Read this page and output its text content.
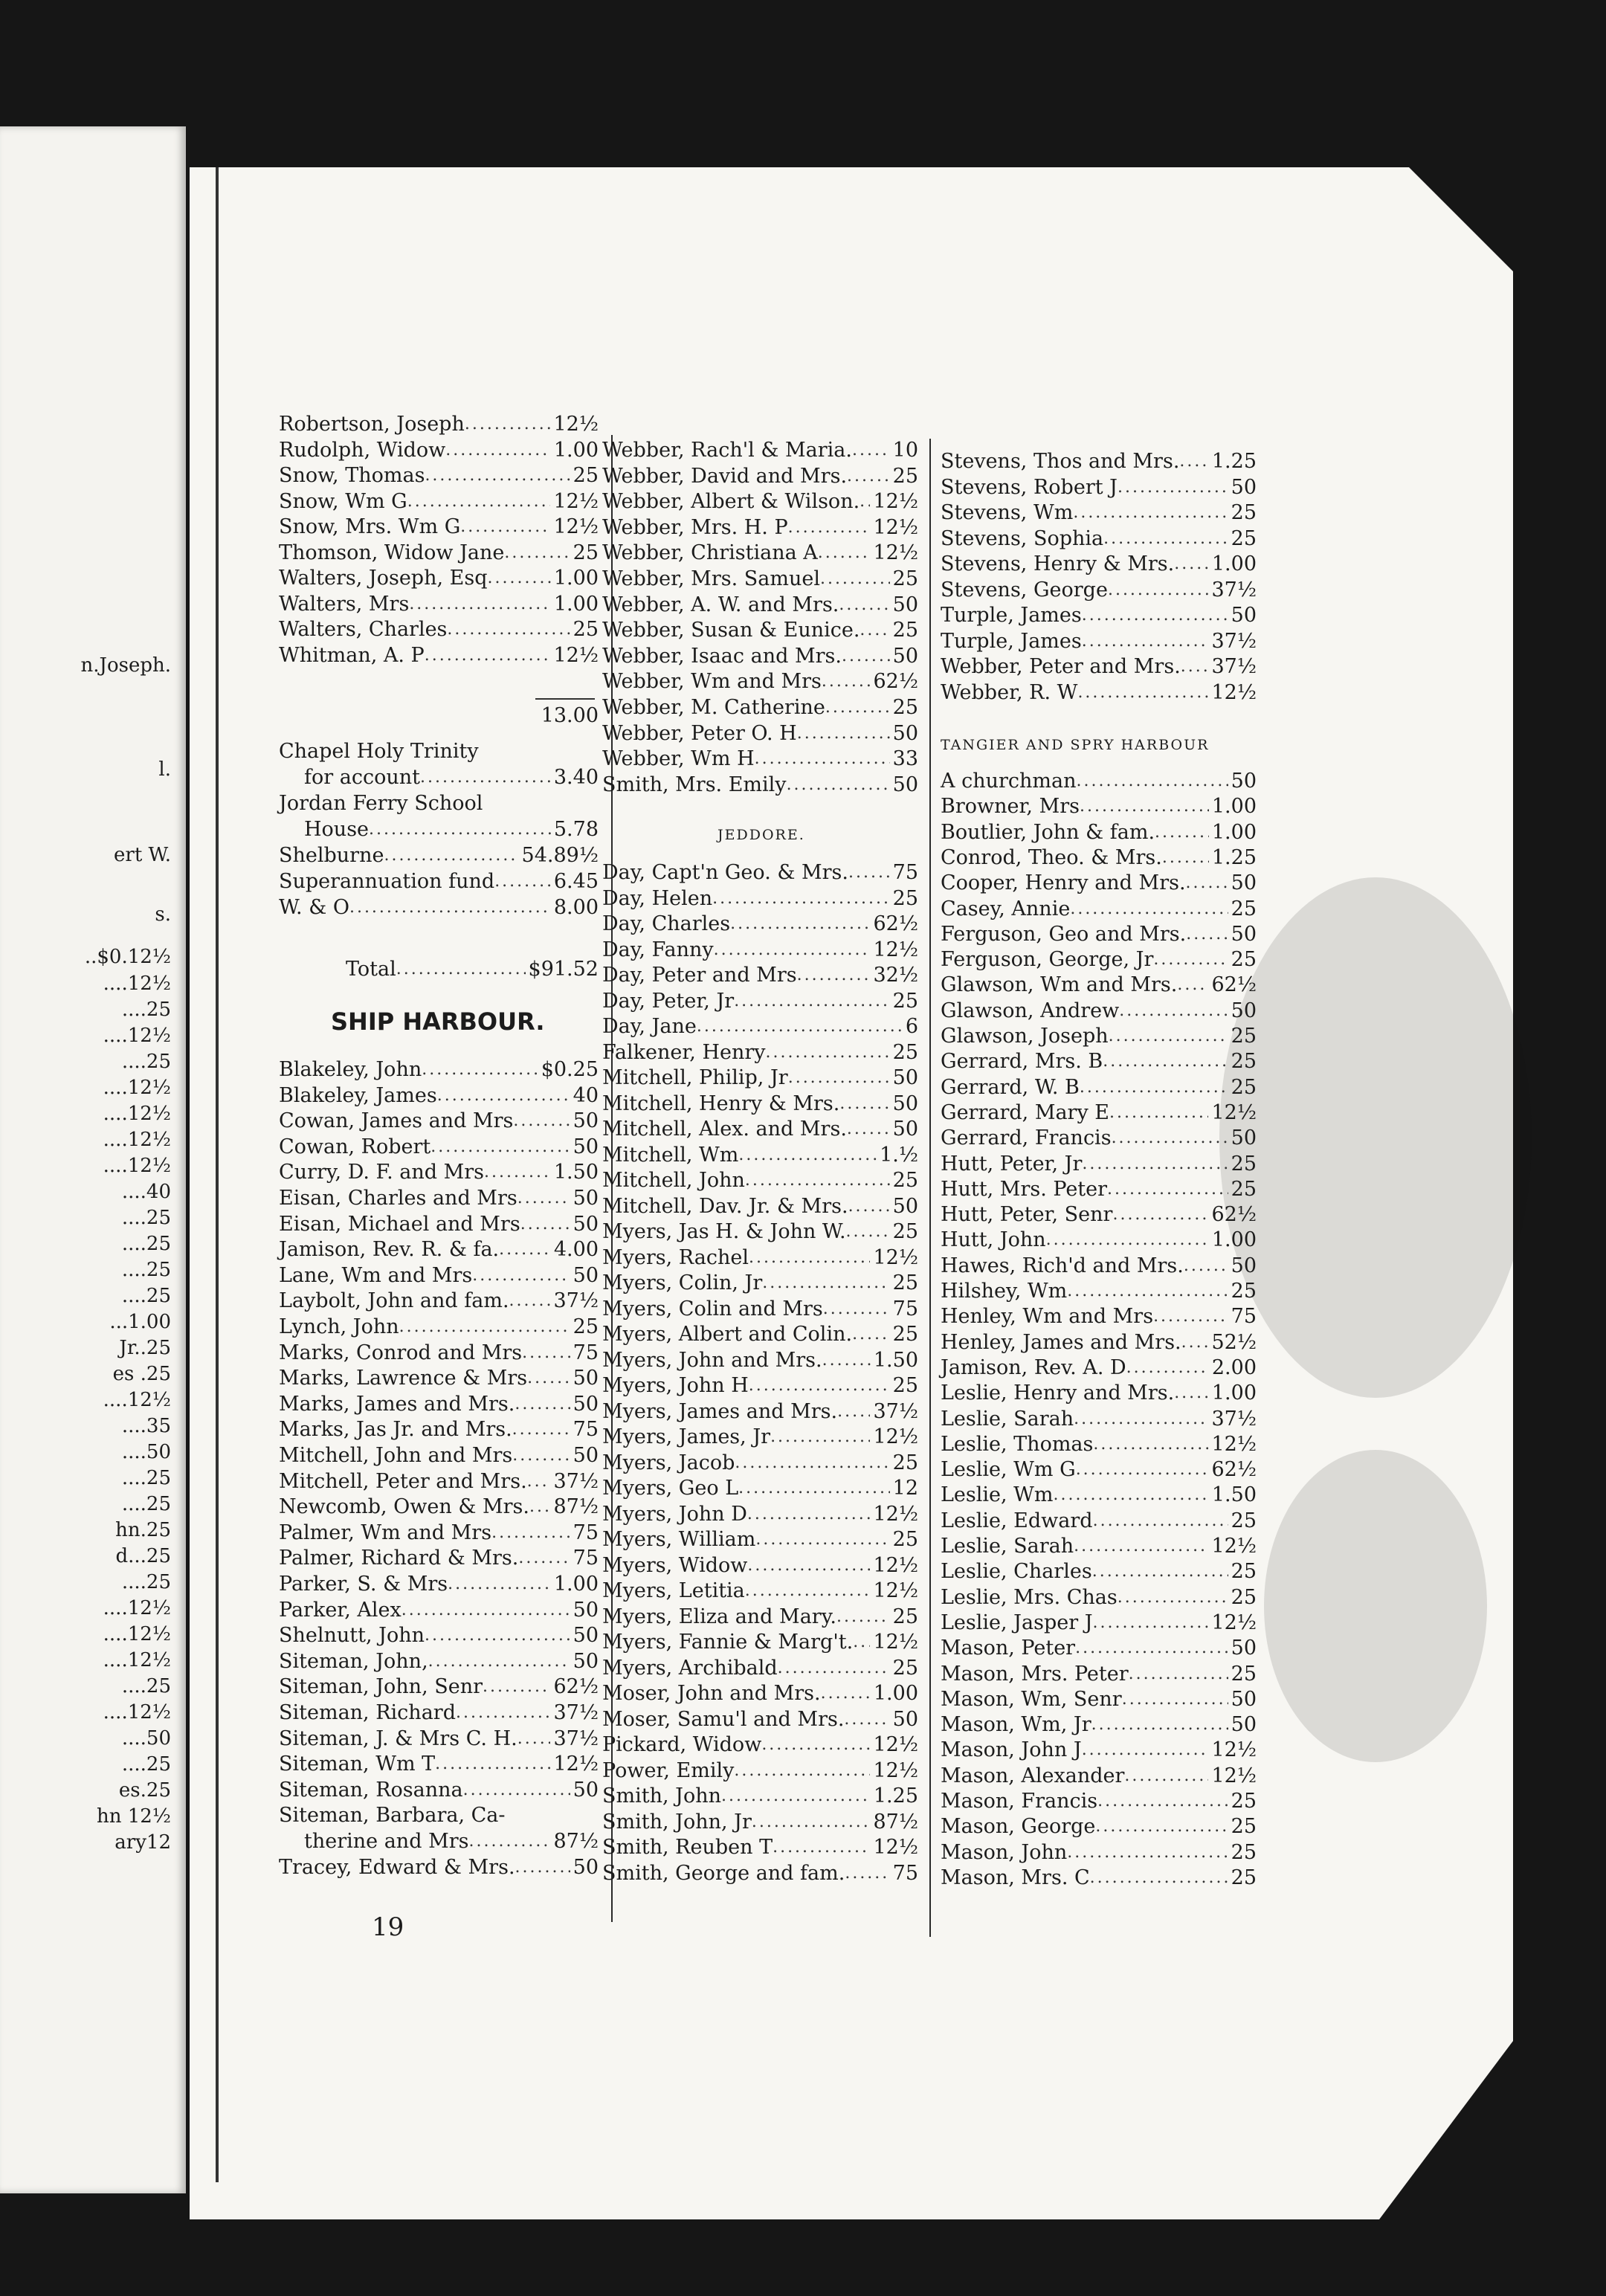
n.Joseph.
l.
ert W.
s.
..$0.12½
....12½
....25
....12½
....25
....12½
....12½
....12½
....12½
....40
....25
....25
....25
....25
...1.00
Jr..25
es .25
....12½
....35
....50
....25
....25
hn.25
d...25
....25
....12½
....12½
....12½
....25
....12½
....50
....25
es.25
hn 12½
ary12
Robertson, Joseph .....	12½
Rudolph, Widow .....	1.00
Snow, Thomas .....	25
Snow, Wm G .....	12½
Snow, Mrs. Wm G .....	12½
Thomson, Widow Jane .....	25
Walters, Joseph, Esq .....	1.00
Walters, Mrs .....	1.00
Walters, Charles .....	25
Whitman, A. P .....	12½
13.00
Chapel Holy Trinity
for account .....	3.40
Jordan Ferry School
House .....	5.78
Shelburne .....	54.89½
Superannuation fund .....	6.45
W. & O .....	8.00
Total .....	$91.52
SHIP HARBOUR.
Blakeley, John .....	$0.25
Blakeley, James .....	40
Cowan, James and Mrs .....	50
Cowan, Robert .....	50
Curry, D. F. and Mrs .....	1.50
Eisan, Charles and Mrs .....	50
Eisan, Michael and Mrs .....	50
Jamison, Rev. R. & fa. .....	4.00
Lane, Wm and Mrs .....	50
Laybolt, John and fam. ..... 37½
Lynch, John .....	25
Marks, Conrod and Mrs .....	75
Marks, Lawrence & Mrs ..... 50
Marks, James and Mrs. .....	50
Marks, Jas Jr. and Mrs. .....	75
Mitchell, John and Mrs .....	50
Mitchell, Peter and Mrs. ..... 37½
Newcomb, Owen & Mrs. ..... 87½
Palmer, Wm and Mrs .....	75
Palmer, Richard & Mrs. .....	75
Parker, S. & Mrs .....	1.00
Parker, Alex .....	50
Shelnutt, John .....	50
Siteman, John, .....	50
Siteman, John, Senr .....	62½
Siteman, Richard .....	37½
Siteman, J. & Mrs C. H. ..... 37½
Siteman, Wm T .....	12½
Siteman, Rosanna .....	50
Siteman, Barbara, Ca-
therine and Mrs .....	87½
Tracey, Edward & Mrs. .....	50
19
Webber, Rach'l & Maria. ..... 10
Webber, David and Mrs. ..... 25
Webber, Albert & Wilson. ..... 12½
Webber, Mrs. H. P .....	12½
Webber, Christiana A .....	12½
Webber, Mrs. Samuel .....	25
Webber, A. W. and Mrs. .....	50
Webber, Susan & Eunice. ..... 25
Webber, Isaac and Mrs. .....	50
Webber, Wm and Mrs .....	62½
Webber, M. Catherine .....	25
Webber, Peter O. H .....	50
Webber, Wm H .....	33
Smith, Mrs. Emily .....	50
JEDDORE.
Day, Capt'n Geo. & Mrs. ..... 75
Day, Helen .....	25
Day, Charles .....	62½
Day, Fanny .....	12½
Day, Peter and Mrs .....	32½
Day, Peter, Jr .....	25
Day, Jane .....	6
Falkener, Henry .....	25
Mitchell, Philip, Jr .....	50
Mitchell, Henry & Mrs. .....	50
Mitchell, Alex. and Mrs. ..... 50
Mitchell, Wm .....	1.½
Mitchell, John .....	25
Mitchell, Dav. Jr. & Mrs. ..... 50
Myers, Jas H. & John W. ..... 25
Myers, Rachel .....	12½
Myers, Colin, Jr .....	25
Myers, Colin and Mrs .....	75
Myers, Albert and Colin. ..... 25
Myers, John and Mrs. .....	1.50
Myers, John H .....	25
Myers, James and Mrs. ..... 37½
Myers, James, Jr .....	12½
Myers, Jacob .....	25
Myers, Geo L .....	12
Myers, John D .....	12½
Myers, William .....	25
Myers, Widow .....	12½
Myers, Letitia .....	12½
Myers, Eliza and Mary. .....	25
Myers, Fannie & Marg't. ..... 12½
Myers, Archibald .....	25
Moser, John and Mrs. .....	1.00
Moser, Samu'l and Mrs. ..... 50
Pickard, Widow .....	12½
Power, Emily .....	12½
Smith, John .....	1.25
Smith, John, Jr .....	87½
Smith, Reuben T .....	12½
Smith, George and fam. ..... 75
Stevens, Thos and Mrs. ..... 1.25
Stevens, Robert J .....	50
Stevens, Wm .....	25
Stevens, Sophia .....	25
Stevens, Henry & Mrs. ..... 1.00
Stevens, George .....	37½
Turple, James .....	50
Turple, James .....	37½
Webber, Peter and Mrs. ..... 37½
Webber, R. W .....	12½
TANGIER AND SPRY HARBOUR
A churchman .....	50
Browner, Mrs .....	1.00
Boutlier, John & fam. .....	1.00
Conrod, Theo. & Mrs. ..... 1.25
Cooper, Henry and Mrs. ..... 50
Casey, Annie .....	25
Ferguson, Geo and Mrs. ..... 50
Ferguson, George, Jr .....	25
Glawson, Wm and Mrs. ..... 62½
Glawson, Andrew .....	50
Glawson, Joseph .....	25
Gerrard, Mrs. B .....	25
Gerrard, W. B .....	25
Gerrard, Mary E .....	12½
Gerrard, Francis .....	50
Hutt, Peter, Jr .....	25
Hutt, Mrs. Peter .....	25
Hutt, Peter, Senr .....	62½
Hutt, John .....	1.00
Hawes, Rich'd and Mrs. ..... 50
Hilshey, Wm .....	25
Henley, Wm and Mrs .....	75
Henley, James and Mrs. ..... 52½
Jamison, Rev. A. D .....	2.00
Leslie, Henry and Mrs. ..... 1.00
Leslie, Sarah .....	37½
Leslie, Thomas .....	12½
Leslie, Wm G .....	62½
Leslie, Wm .....	1.50
Leslie, Edward .....	25
Leslie, Sarah .....	12½
Leslie, Charles .....	25
Leslie, Mrs. Chas .....	25
Leslie, Jasper J .....	12½
Mason, Peter .....	50
Mason, Mrs. Peter .....	25
Mason, Wm, Senr .....	50
Mason, Wm, Jr .....	50
Mason, John J .....	12½
Mason, Alexander .....	12½
Mason, Francis .....	25
Mason, George .....	25
Mason, John .....	25
Mason, Mrs. C .....	25
